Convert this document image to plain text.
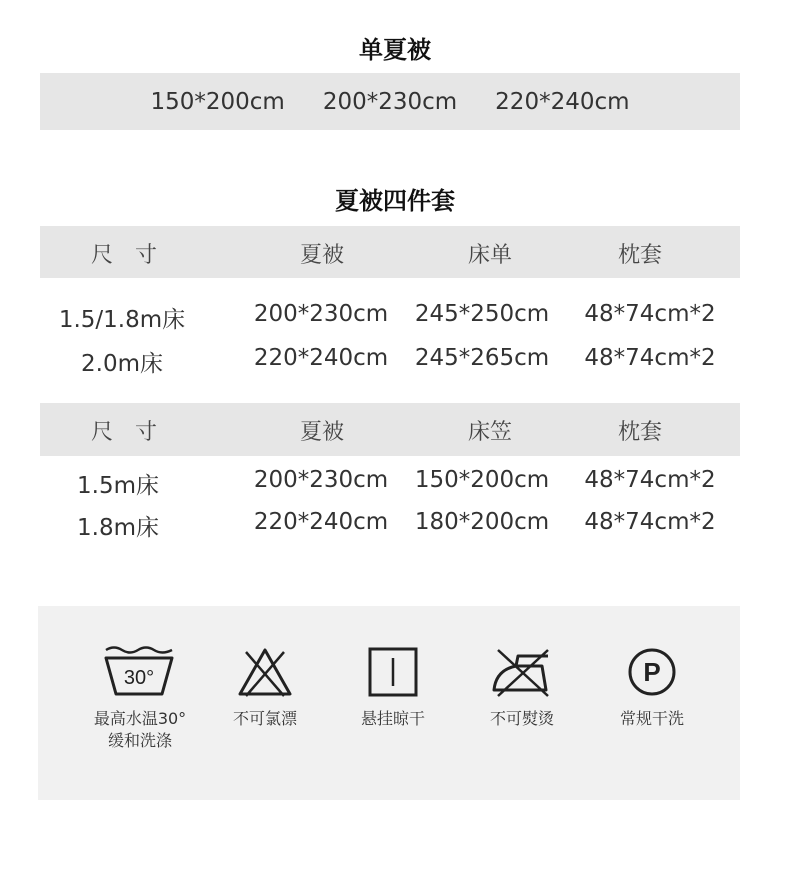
单夏被
150*200cm 200*230cm 220*240cm
夏被四件套
尺　寸	夏被	床单	枕套
1.5/1.8m床	200*230cm 245*250cm 48*74cm*2
2.0m床	220*240cm 245*265cm 48*74cm*2
尺　寸	夏被	床笠	枕套
1.5m床	200*230cm 150*200cm 48*74cm*2
1.8m床	220*240cm 180*200cm 48*74cm*2
30°
最高水温30°
缓和洗涤
不可氯漂	悬挂晾干	不可熨烫
P
常规干洗
